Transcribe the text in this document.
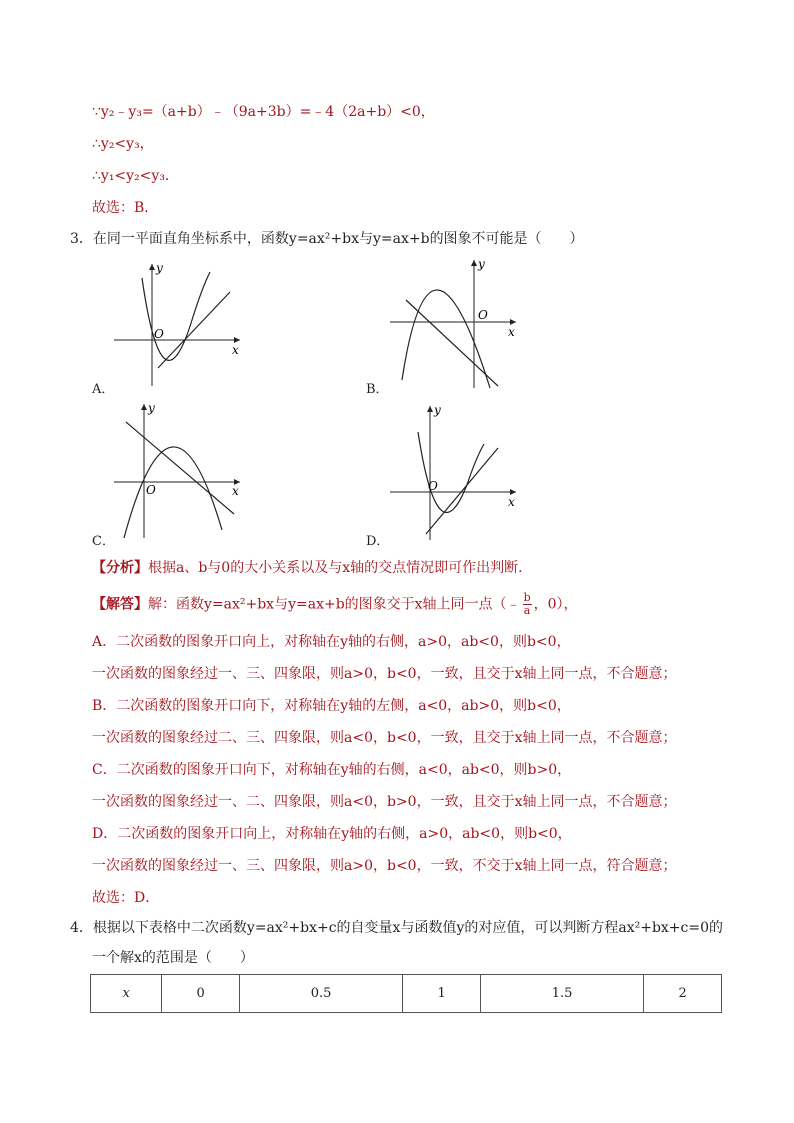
∵y₂﹣y₃=（a+b）﹣（9a+3b）=﹣4（2a+b）<0，
∴y₂<y₃，
∴y₁<y₂<y₃．
故选：B．
3．在同一平面直角坐标系中，函数y=ax²+bx与y=ax+b的图象不可能是（　　）
y
x
O
A．
y
x
O
B．
y
x
O
C．
y
x
O
D．
【分析】根据a、b与0的大小关系以及与x轴的交点情况即可作出判断．
【解答】解：函数y=ax²+bx与y=ax+b的图象交于x轴上同一点（﹣ $\frac{b}{a}$ ，0），
A．二次函数的图象开口向上，对称轴在y轴的右侧，a>0，ab<0，则b<0，
一次函数的图象经过一、三、四象限，则a>0，b<0，一致，且交于x轴上同一点，不合题意；
B．二次函数的图象开口向下，对称轴在y轴的左侧，a<0，ab>0，则b<0，
一次函数的图象经过二、三、四象限，则a<0，b<0，一致，且交于x轴上同一点，不合题意；
C．二次函数的图象开口向下，对称轴在y轴的右侧，a<0，ab<0，则b>0，
一次函数的图象经过一、二、四象限，则a<0，b>0，一致，且交于x轴上同一点，不合题意；
D．二次函数的图象开口向上，对称轴在y轴的右侧，a>0，ab<0，则b<0，
一次函数的图象经过一、三、四象限，则a>0，b<0，一致，不交于x轴上同一点，符合题意；
故选：D．
4．根据以下表格中二次函数y=ax²+bx+c的自变量x与函数值y的对应值，可以判断方程ax²+bx+c=0的
一个解x的范围是（　　）
x	0	0.5	1	1.5	2
